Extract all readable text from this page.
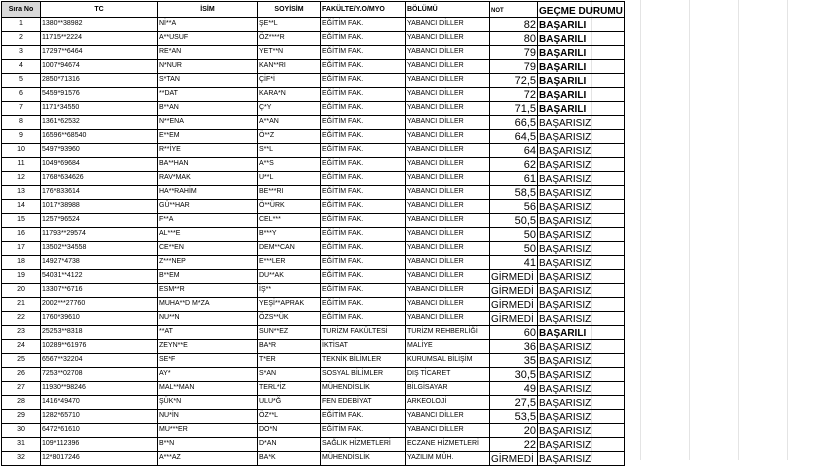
Sıra No	TC	İSİM	SOYİSİM	FAKÜLTE/Y.O/MYO	BÖLÜMÜ	NOT	GEÇME DURUMU
1	1380**38982	Nİ**A	ŞE**L	EĞİTİM FAK.	YABANCI DİLLER	82	BAŞARILI
2	11715**2224	A**USUF	ÖZ****R	EĞİTİM FAK.	YABANCI DİLLER	80	BAŞARILI
3	17297**6464	RE*AN	YET**N	EĞİTİM FAK.	YABANCI DİLLER	79	BAŞARILI
4	1007*94674	N*NUR	KAN**RI	EĞİTİM FAK.	YABANCI DİLLER	79	BAŞARILI
5	2850*71316	S*TAN	ÇİF*İ	EĞİTİM FAK.	YABANCI DİLLER	72,5	BAŞARILI
6	5459*91576	**DAT	KARA*N	EĞİTİM FAK.	YABANCI DİLLER	72	BAŞARILI
7	1171*34550	B**AN	Ç*Y	EĞİTİM FAK.	YABANCI DİLLER	71,5	BAŞARILI
8	1361*62532	N**ENA	A**AN	EĞİTİM FAK.	YABANCI DİLLER	66,5	BAŞARISIZ
9	16596**68540	E**EM	Ö**Z	EĞİTİM FAK.	YABANCI DİLLER	64,5	BAŞARISIZ
10	5497*93960	R**İYE	S**L	EĞİTİM FAK.	YABANCI DİLLER	64	BAŞARISIZ
11	1049*69684	BA**HAN	A**S	EĞİTİM FAK.	YABANCI DİLLER	62	BAŞARISIZ
12	1768*634626	RAV*MAK	U**L	EĞİTİM FAK.	YABANCI DİLLER	61	BAŞARISIZ
13	176*833614	HA**RAHİM	BE***RI	EĞİTİM FAK.	YABANCI DİLLER	58,5	BAŞARISIZ
14	1017*38988	GÜ**HAR	Ö**ÜRK	EĞİTİM FAK.	YABANCI DİLLER	56	BAŞARISIZ
15	1257*96524	F**A	CEL***	EĞİTİM FAK.	YABANCI DİLLER	50,5	BAŞARISIZ
16	11793**29574	AL***E	B***Y	EĞİTİM FAK.	YABANCI DİLLER	50	BAŞARISIZ
17	13502**34558	CE**EN	DEM**CAN	EĞİTİM FAK.	YABANCI DİLLER	50	BAŞARISIZ
18	14927*4738	Z***NEP	E***LER	EĞİTİM FAK.	YABANCI DİLLER	41	BAŞARISIZ
19	54031**4122	B**EM	DU**AK	EĞİTİM FAK.	YABANCI DİLLER	GİRMEDİ	BAŞARISIZ
20	13307**6716	ESM**R	İŞ**	EĞİTİM FAK.	YABANCI DİLLER	GİRMEDİ	BAŞARISIZ
21	2002***27760	MUHA**D M*ZA	YEŞİ**APRAK	EĞİTİM FAK.	YABANCI DİLLER	GİRMEDİ	BAŞARISIZ
22	1760*39610	NU**N	ÖZS**ÜK	EĞİTİM FAK.	YABANCI DİLLER	GİRMEDİ	BAŞARISIZ
23	25253**8318	**AT	SUN**EZ	TURİZM FAKÜLTESİ	TURİZM REHBERLİĞİ	60	BAŞARILI
24	10289**61976	ZEYN**E	BA*R	İKTİSAT	MALİYE	36	BAŞARISIZ
25	6567**32204	SE*F	T*ER	TEKNİK BİLİMLER	KURUMSAL BİLİŞİM	35	BAŞARISIZ
26	7253**02708	AY*	S*AN	SOSYAL BİLİMLER	DIŞ TİCARET	30,5	BAŞARISIZ
27	11930**98246	MAL**MAN	TERL*İZ	MÜHENDİSLİK	BİLGİSAYAR	49	BAŞARISIZ
28	1416*49470	ŞÜK*N	ULU*Ğ	FEN EDEBİYAT	ARKEOLOJİ	27,5	BAŞARISIZ
29	1282*65710	NU*İN	ÖZ**L	EĞİTİM FAK.	YABANCI DİLLER	53,5	BAŞARISIZ
30	6472*61610	MU***ER	DO*N	EĞİTİM FAK.	YABANCI DİLLER	20	BAŞARISIZ
31	109*112396	B**N	D*AN	SAĞLIK HİZMETLERİ	ECZANE HİZMETLERİ	22	BAŞARISIZ
32	12*8017246	A***AZ	BA*K	MÜHENDİSLİK	YAZILIM MÜH.	GİRMEDİ	BAŞARISIZ
